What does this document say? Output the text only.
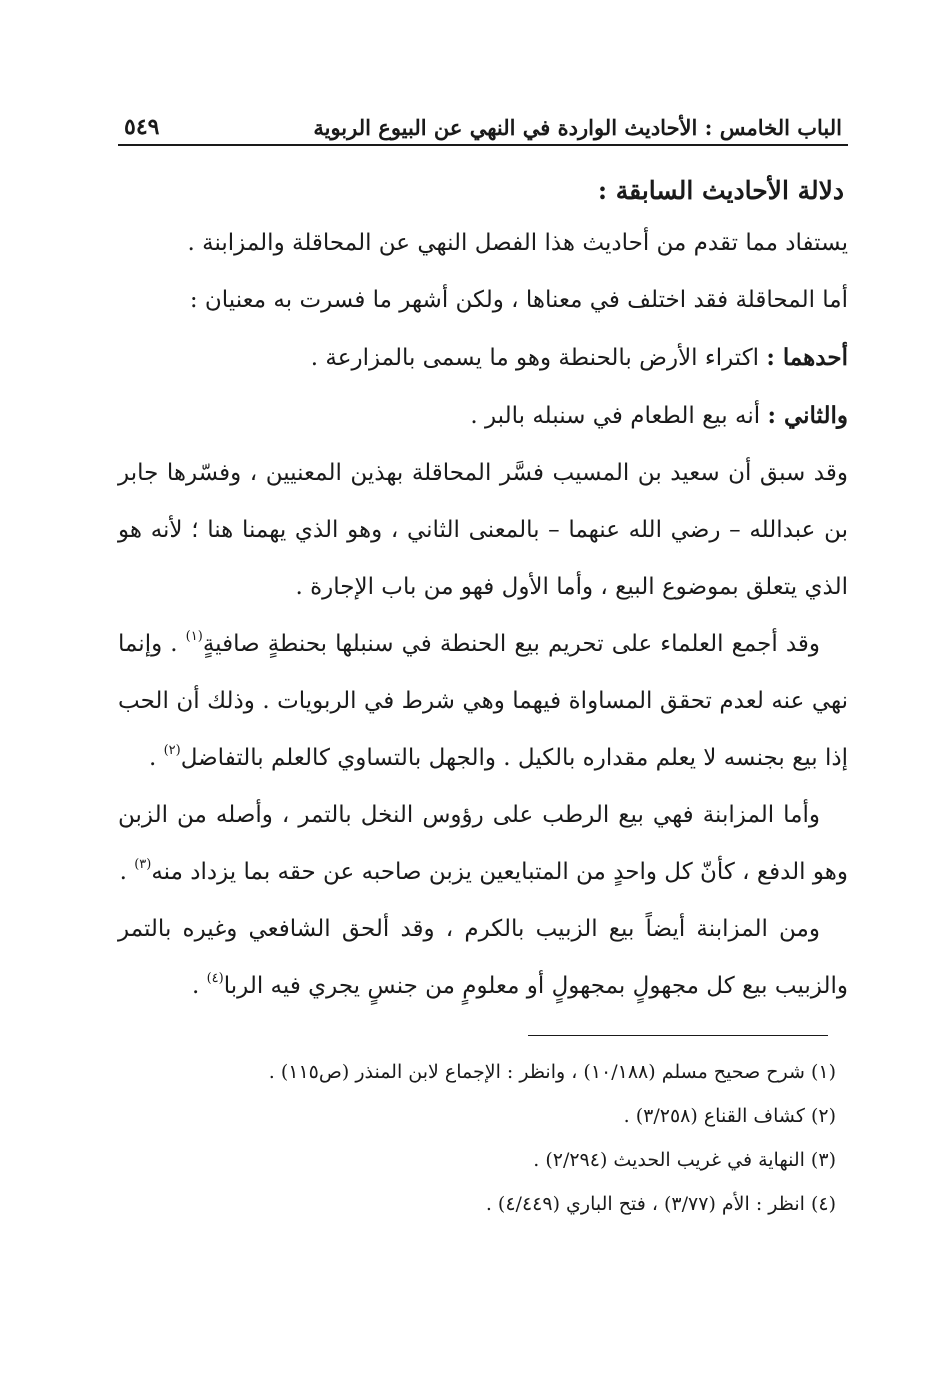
الباب الخامس : الأحاديث الواردة في النهي عن البيوع الربوية
٥٤٩
دلالة الأحاديث السابقة :
يستفاد مما تقدم من أحاديث هذا الفصل النهي عن المحاقلة والمزابنة .
أما المحاقلة فقد اختلف في معناها ، ولكن أشهر ما فسرت به معنيان :
أحدهما : اكتراء الأرض بالحنطة وهو ما يسمى بالمزارعة .
والثاني : أنه بيع الطعام في سنبله بالبر .
وقد سبق أن سعيد بن المسيب فسَّر المحاقلة بهذين المعنيين ، وفسّرها جابر بن عبدالله – رضي الله عنهما – بالمعنى الثاني ، وهو الذي يهمنا هنا ؛ لأنه هو الذي يتعلق بموضوع البيع ، وأما الأول فهو من باب الإجارة .
وقد أجمع العلماء على تحريم بيع الحنطة في سنبلها بحنطةٍ صافيةٍ$^{(١)}$ . وإنما نهي عنه لعدم تحقق المساواة فيهما وهي شرط في الربويات . وذلك أن الحب إذا بيع بجنسه لا يعلم مقداره بالكيل . والجهل بالتساوي كالعلم بالتفاضل$^{(٢)}$ .
وأما المزابنة فهي بيع الرطب على رؤوس النخل بالتمر ، وأصله من الزبن وهو الدفع ، كأنّ كل واحدٍ من المتبايعين يزبن صاحبه عن حقه بما يزداد منه$^{(٣)}$ .
ومن المزابنة أيضاً بيع الزبيب بالكرم ، وقد ألحق الشافعي وغيره بالتمر والزبيب بيع كل مجهولٍ بمجهولٍ أو معلومٍ من جنسٍ يجري فيه الربا$^{(٤)}$ .
(١) شرح صحيح مسلم (١٠/١٨٨) ، وانظر : الإجماع لابن المنذر (ص١١٥) .
(٢) كشاف القناع (٣/٢٥٨) .
(٣) النهاية في غريب الحديث (٢/٢٩٤) .
(٤) انظر : الأم (٣/٧٧) ، فتح الباري (٤/٤٤٩) .
